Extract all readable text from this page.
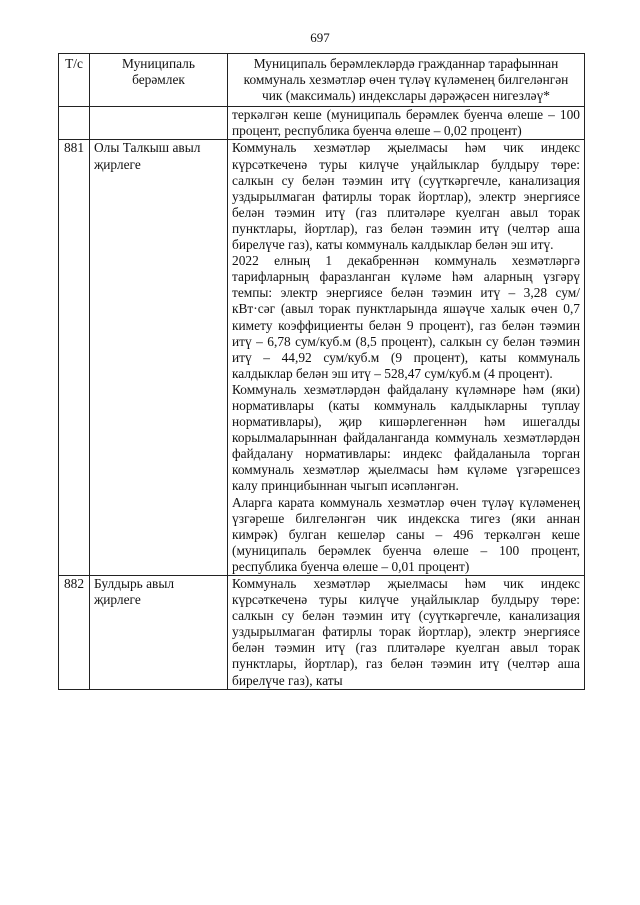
697
Т/с	Муниципаль берәмлек	Муниципаль берәмлекләрдә гражданнар тарафыннан коммуналь хезмәтләр өчен түләү күләменең билгеләнгән чик (максималь) индекслары дәрәҗәсен нигезләү*

		теркәлгән кеше (муниципаль берәмлек буенча өлеше – 100 процент, республика буенча өлеше – 0,02 процент)

881	Олы Талкыш авыл җирлеге	Коммуналь хезмәтләр җыелмасы һәм чик индекс күрсәткеченә туры килүче уңайлыклар булдыру төре: салкын су белән тәэмин итү (суүткәргечле, канализация уздырылмаган фатирлы торак йортлар), электр энергиясе белән тәэмин итү (газ плитәләре куелган авыл торак пунктлары, йортлар), газ белән тәэмин итү (челтәр аша бирелүче газ), каты коммуналь калдыклар белән эш итү.

2022 елның 1 декабреннән коммуналь хезмәтләргә тарифларның фаразланган күләме һәм аларның үзгәрү темпы: электр энергиясе белән тәэмин итү – 3,28 сум/кВт·сәг (авыл торак пунктларында яшәүче халык өчен 0,7 кимету коэффициенты белән 9 процент), газ белән тәэмин итү – 6,78 сум/куб.м (8,5 процент), салкын су белән тәэмин итү – 44,92 сум/куб.м (9 процент), каты коммуналь калдыклар белән эш итү – 528,47 сум/куб.м (4 процент).

Коммуналь хезмәтләрдән файдалану күләмнәре һәм (яки) нормативлары (каты коммуналь калдыкларны туплау нормативлары), җир кишәрлегеннән һәм ишегалды корылмаларыннан файдаланганда коммуналь хезмәтләрдән файдалану нормативлары: индекс файдаланыла торган коммуналь хезмәтләр җыелмасы һәм күләме үзгәрешсез калу принцибыннан чыгып исәпләнгән.

Аларга карата коммуналь хезмәтләр өчен түләү күләменең үзгәреше билгеләнгән чик индекска тигез (яки аннан кимрәк) булган кешеләр саны – 496 теркәлгән кеше (муниципаль берәмлек буенча өлеше – 100 процент, республика буенча өлеше – 0,01 процент)

882	Булдырь авыл җирлеге	Коммуналь хезмәтләр җыелмасы һәм чик индекс күрсәткеченә туры килүче уңайлыклар булдыру төре: салкын су белән тәэмин итү (суүткәргечле, канализация уздырылмаган фатирлы торак йортлар), электр энергиясе белән тәэмин итү (газ плитәләре куелган авыл торак пунктлары, йортлар), газ белән тәэмин итү (челтәр аша бирелүче газ), каты
